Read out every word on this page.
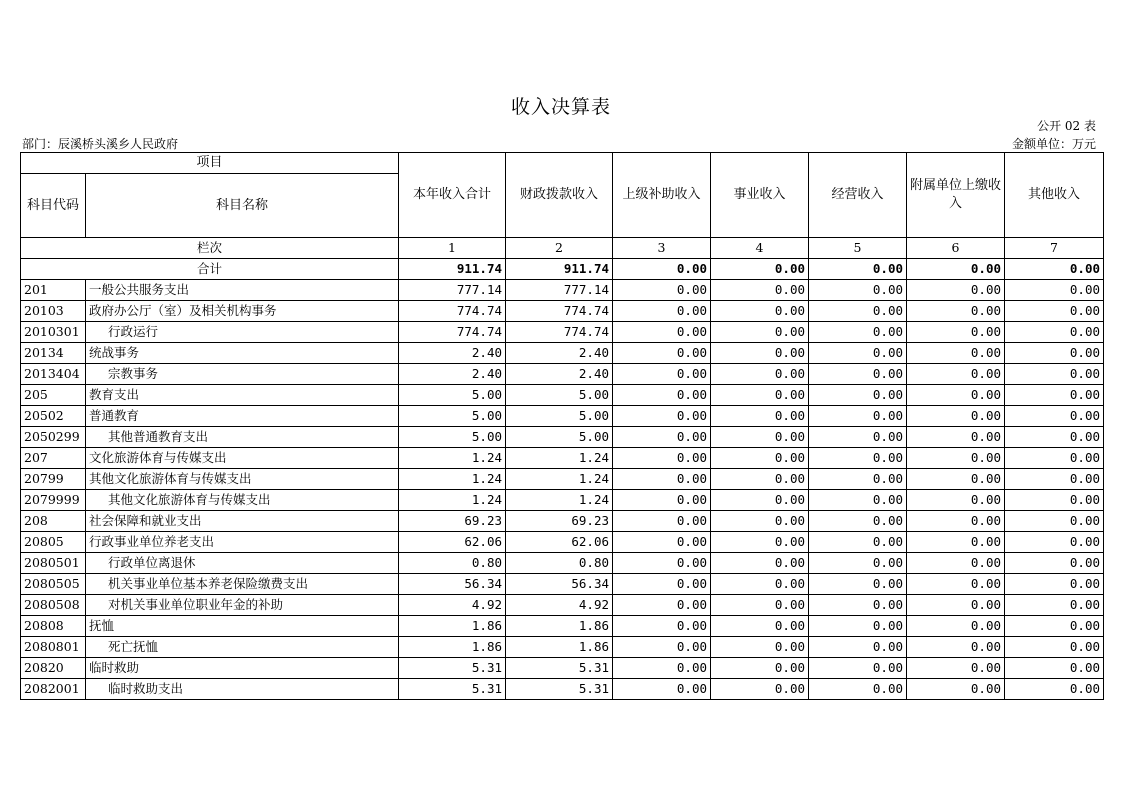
收入决算表
公开 02 表
部门：辰溪桥头溪乡人民政府	金额单位：万元
项目		本年收入合计	财政拨款收入	上级补助收入	事业收入	经营收入	附属单位上缴收入	其他收入
科目代码	科目名称							
栏次		1	2	3	4	5	6	7
合计		911.74	911.74	0.00	0.00	0.00	0.00	0.00
201	一般公共服务支出	777.14	777.14	0.00	0.00	0.00	0.00	0.00
20103	政府办公厅（室）及相关机构事务	774.74	774.74	0.00	0.00	0.00	0.00	0.00
2010301	行政运行	774.74	774.74	0.00	0.00	0.00	0.00	0.00
20134	统战事务	2.40	2.40	0.00	0.00	0.00	0.00	0.00
2013404	宗教事务	2.40	2.40	0.00	0.00	0.00	0.00	0.00
205	教育支出	5.00	5.00	0.00	0.00	0.00	0.00	0.00
20502	普通教育	5.00	5.00	0.00	0.00	0.00	0.00	0.00
2050299	其他普通教育支出	5.00	5.00	0.00	0.00	0.00	0.00	0.00
207	文化旅游体育与传媒支出	1.24	1.24	0.00	0.00	0.00	0.00	0.00
20799	其他文化旅游体育与传媒支出	1.24	1.24	0.00	0.00	0.00	0.00	0.00
2079999	其他文化旅游体育与传媒支出	1.24	1.24	0.00	0.00	0.00	0.00	0.00
208	社会保障和就业支出	69.23	69.23	0.00	0.00	0.00	0.00	0.00
20805	行政事业单位养老支出	62.06	62.06	0.00	0.00	0.00	0.00	0.00
2080501	行政单位离退休	0.80	0.80	0.00	0.00	0.00	0.00	0.00
2080505	机关事业单位基本养老保险缴费支出	56.34	56.34	0.00	0.00	0.00	0.00	0.00
2080508	对机关事业单位职业年金的补助	4.92	4.92	0.00	0.00	0.00	0.00	0.00
20808	抚恤	1.86	1.86	0.00	0.00	0.00	0.00	0.00
2080801	死亡抚恤	1.86	1.86	0.00	0.00	0.00	0.00	0.00
20820	临时救助	5.31	5.31	0.00	0.00	0.00	0.00	0.00
2082001	临时救助支出	5.31	5.31	0.00	0.00	0.00	0.00	0.00
